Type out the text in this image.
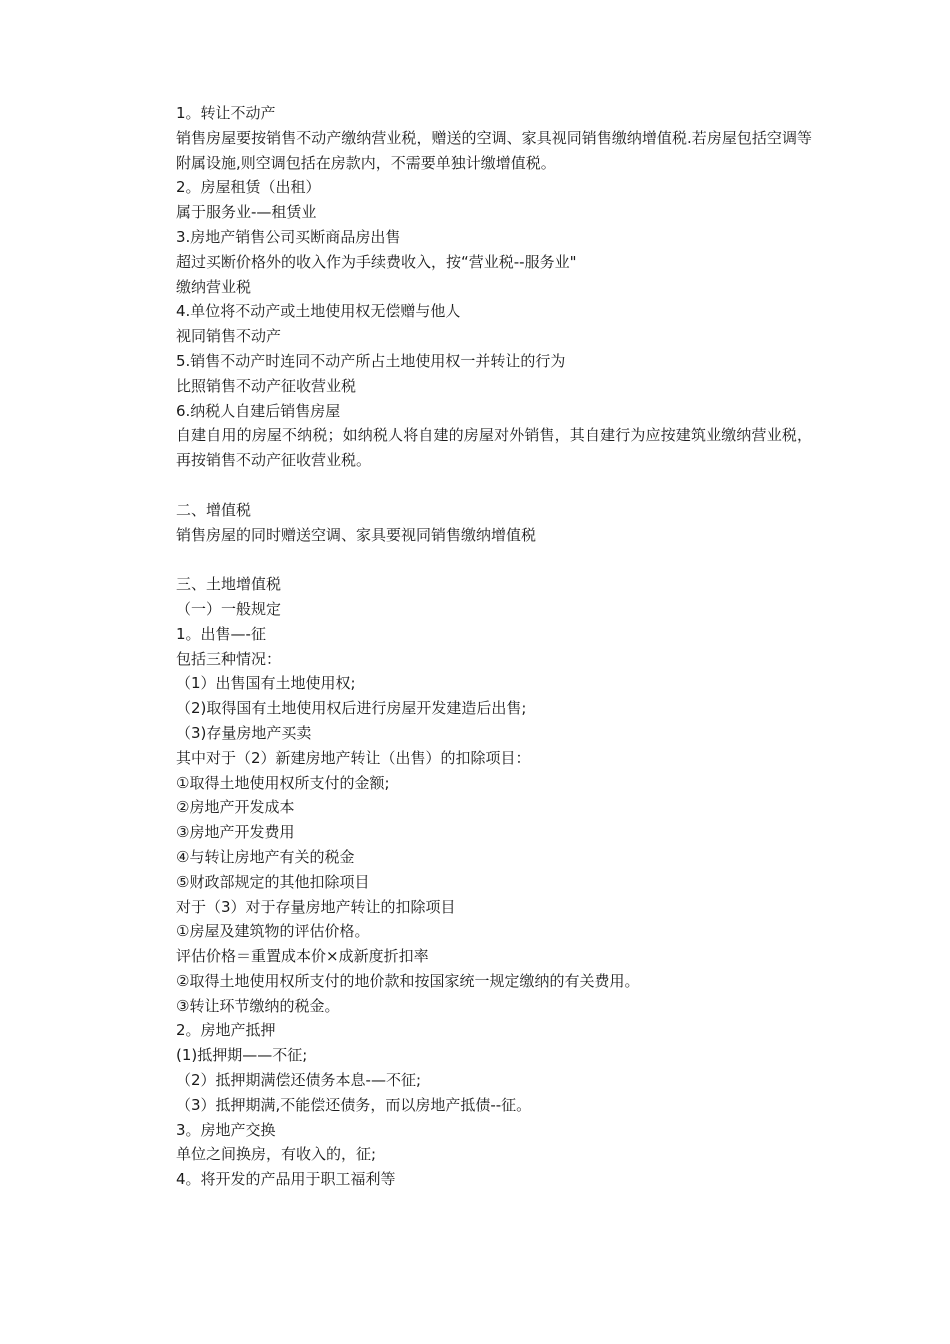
1。转让不动产
销售房屋要按销售不动产缴纳营业税，赠送的空调、家具视同销售缴纳增值税.若房屋包括空调等附属设施,则空调包括在房款内，不需要单独计缴增值税。
2。房屋租赁（出租）
属于服务业-—租赁业
3.房地产销售公司买断商品房出售
超过买断价格外的收入作为手续费收入，按“营业税--服务业"
缴纳营业税
4.单位将不动产或土地使用权无偿赠与他人
视同销售不动产
5.销售不动产时连同不动产所占土地使用权一并转让的行为
比照销售不动产征收营业税
6.纳税人自建后销售房屋
自建自用的房屋不纳税；如纳税人将自建的房屋对外销售，其自建行为应按建筑业缴纳营业税，再按销售不动产征收营业税。
二、增值税
销售房屋的同时赠送空调、家具要视同销售缴纳增值税
三、土地增值税
（一）一般规定
1。出售—-征
包括三种情况：
（1）出售国有土地使用权;
（2)取得国有土地使用权后进行房屋开发建造后出售;
（3)存量房地产买卖
其中对于（2）新建房地产转让（出售）的扣除项目：
①取得土地使用权所支付的金额;
②房地产开发成本
③房地产开发费用
④与转让房地产有关的税金
⑤财政部规定的其他扣除项目
对于（3）对于存量房地产转让的扣除项目
①房屋及建筑物的评估价格。
评估价格＝重置成本价×成新度折扣率
②取得土地使用权所支付的地价款和按国家统一规定缴纳的有关费用。
③转让环节缴纳的税金。
2。房地产抵押
(1)抵押期——不征;
（2）抵押期满偿还债务本息-—不征;
（3）抵押期满,不能偿还债务，而以房地产抵债--征。
3。房地产交换
单位之间换房，有收入的，征;
4。将开发的产品用于职工福利等
